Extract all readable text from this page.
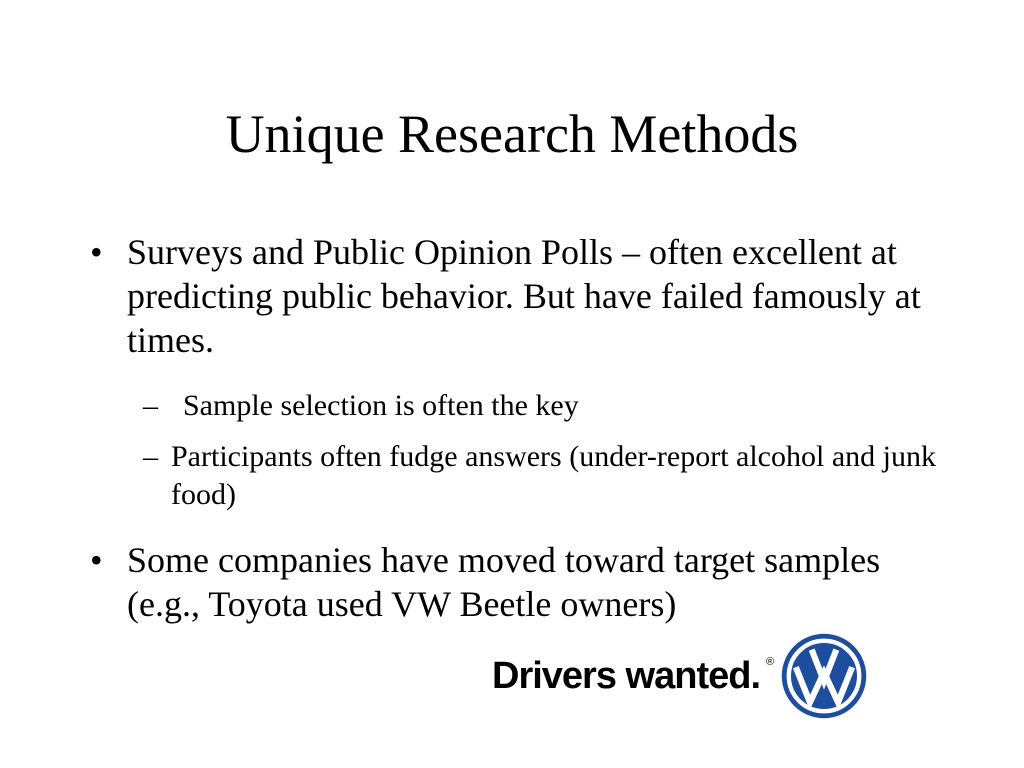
Unique Research Methods
• Surveys and Public Opinion Polls – often excellent at predicting public behavior. But have failed famously at times.
– Sample selection is often the key
– Participants often fudge answers (under-report alcohol and junk food)
• Some companies have moved toward target samples (e.g., Toyota used VW Beetle owners)
Drivers wanted. ®
